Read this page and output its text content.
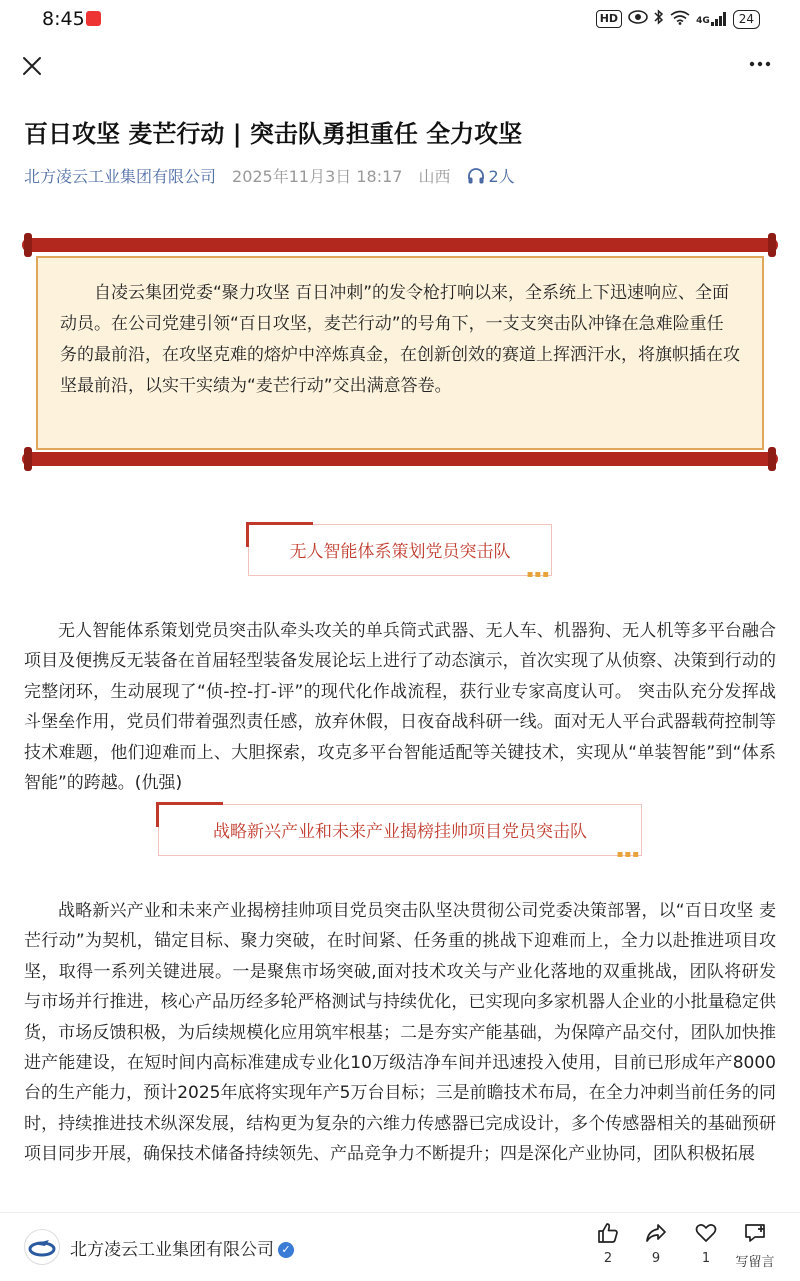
8:45	HD	4G	24
百日攻坚 麦芒行动 | 突击队勇担重任 全力攻坚
北方凌云工业集团有限公司 2025年11月3日 18:17 山西 2人

自凌云集团党委“聚力攻坚 百日冲刺”的发令枪打响以来，全系统上下迅速响应、全面动员。在公司党建引领“百日攻坚，麦芒行动”的号角下，一支支突击队冲锋在急难险重任务的最前沿，在攻坚克难的熔炉中淬炼真金，在创新创效的赛道上挥洒汗水，将旗帜插在攻坚最前沿，以实干实绩为“麦芒行动”交出满意答卷。

无人智能体系策划党员突击队
▪▪▪

无人智能体系策划党员突击队牵头攻关的单兵筒式武器、无人车、机器狗、无人机等多平台融合项目及便携反无装备在首届轻型装备发展论坛上进行了动态演示，首次实现了从侦察、决策到行动的完整闭环，生动展现了“侦-控-打-评”的现代化作战流程，获行业专家高度认可。 突击队充分发挥战斗堡垒作用，党员们带着强烈责任感，放弃休假，日夜奋战科研一线。面对无人平台武器载荷控制等技术难题，他们迎难而上、大胆探索，攻克多平台智能适配等关键技术，实现从“单装智能”到“体系智能”的跨越。(仇强)

战略新兴产业和未来产业揭榜挂帅项目党员突击队
▪▪▪

战略新兴产业和未来产业揭榜挂帅项目党员突击队坚决贯彻公司党委决策部署，以“百日攻坚 麦芒行动”为契机，锚定目标、聚力突破，在时间紧、任务重的挑战下迎难而上，全力以赴推进项目攻坚，取得一系列关键进展。一是聚焦市场突破,面对技术攻关与产业化落地的双重挑战，团队将研发与市场并行推进，核心产品历经多轮严格测试与持续优化，已实现向多家机器人企业的小批量稳定供货，市场反馈积极，为后续规模化应用筑牢根基；二是夯实产能基础，为保障产品交付，团队加快推进产能建设，在短时间内高标准建成专业化10万级洁净车间并迅速投入使用，目前已形成年产8000台的生产能力，预计2025年底将实现年产5万台目标；三是前瞻技术布局，在全力冲刺当前任务的同时，持续推进技术纵深发展，结构更为复杂的六维力传感器已完成设计，多个传感器相关的基础预研项目同步开展，确保技术储备持续领先、产品竞争力不断提升；四是深化产业协同，团队积极拓展

北方凌云工业集团有限公司 ✓
2	9	1	写留言
